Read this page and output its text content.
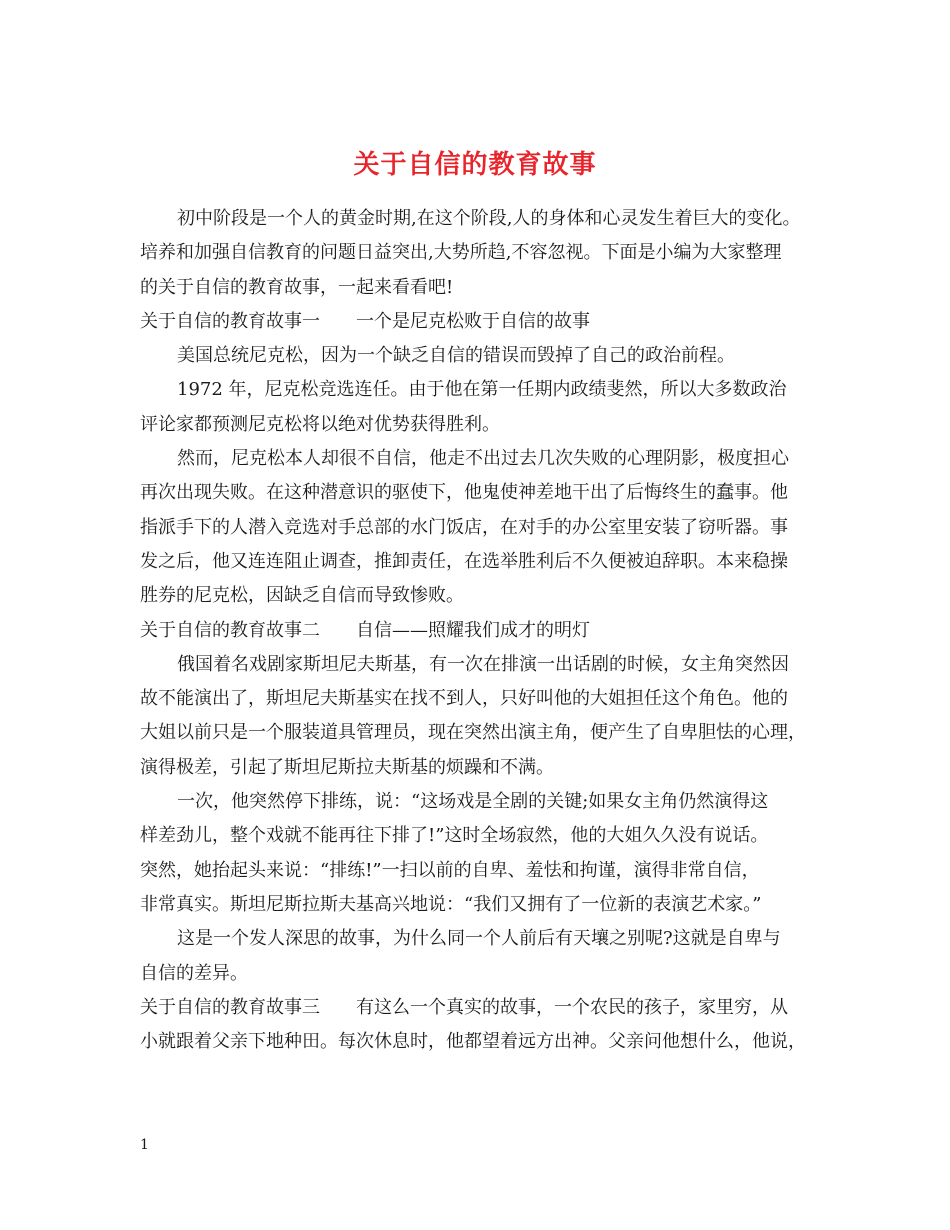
关于自信的教育故事

初中阶段是一个人的黄金时期,在这个阶段,人的身体和心灵发生着巨大的变化。

培养和加强自信教育的问题日益突出,大势所趋,不容忽视。下面是小编为大家整理

的关于自信的教育故事，一起来看看吧!

关于自信的教育故事一　　一个是尼克松败于自信的故事

美国总统尼克松，因为一个缺乏自信的错误而毁掉了自己的政治前程。

1972 年，尼克松竞选连任。由于他在第一任期内政绩斐然，所以大多数政治

评论家都预测尼克松将以绝对优势获得胜利。

然而，尼克松本人却很不自信，他走不出过去几次失败的心理阴影，极度担心

再次出现失败。在这种潜意识的驱使下，他鬼使神差地干出了后悔终生的蠢事。他

指派手下的人潜入竞选对手总部的水门饭店，在对手的办公室里安装了窃听器。事

发之后，他又连连阻止调查，推卸责任，在选举胜利后不久便被迫辞职。本来稳操

胜券的尼克松，因缺乏自信而导致惨败。

关于自信的教育故事二　　自信——照耀我们成才的明灯

俄国着名戏剧家斯坦尼夫斯基，有一次在排演一出话剧的时候，女主角突然因

故不能演出了，斯坦尼夫斯基实在找不到人，只好叫他的大姐担任这个角色。他的

大姐以前只是一个服装道具管理员，现在突然出演主角，便产生了自卑胆怯的心理，

演得极差，引起了斯坦尼斯拉夫斯基的烦躁和不满。

一次，他突然停下排练，说：“这场戏是全剧的关键;如果女主角仍然演得这

样差劲儿，整个戏就不能再往下排了!”这时全场寂然，他的大姐久久没有说话。

突然，她抬起头来说：“排练!”一扫以前的自卑、羞怯和拘谨，演得非常自信，

非常真实。斯坦尼斯拉斯夫基高兴地说：“我们又拥有了一位新的表演艺术家。”

这是一个发人深思的故事，为什么同一个人前后有天壤之别呢?这就是自卑与

自信的差异。

关于自信的教育故事三　　有这么一个真实的故事，一个农民的孩子，家里穷，从

小就跟着父亲下地种田。每次休息时，他都望着远方出神。父亲问他想什么，他说，

1
